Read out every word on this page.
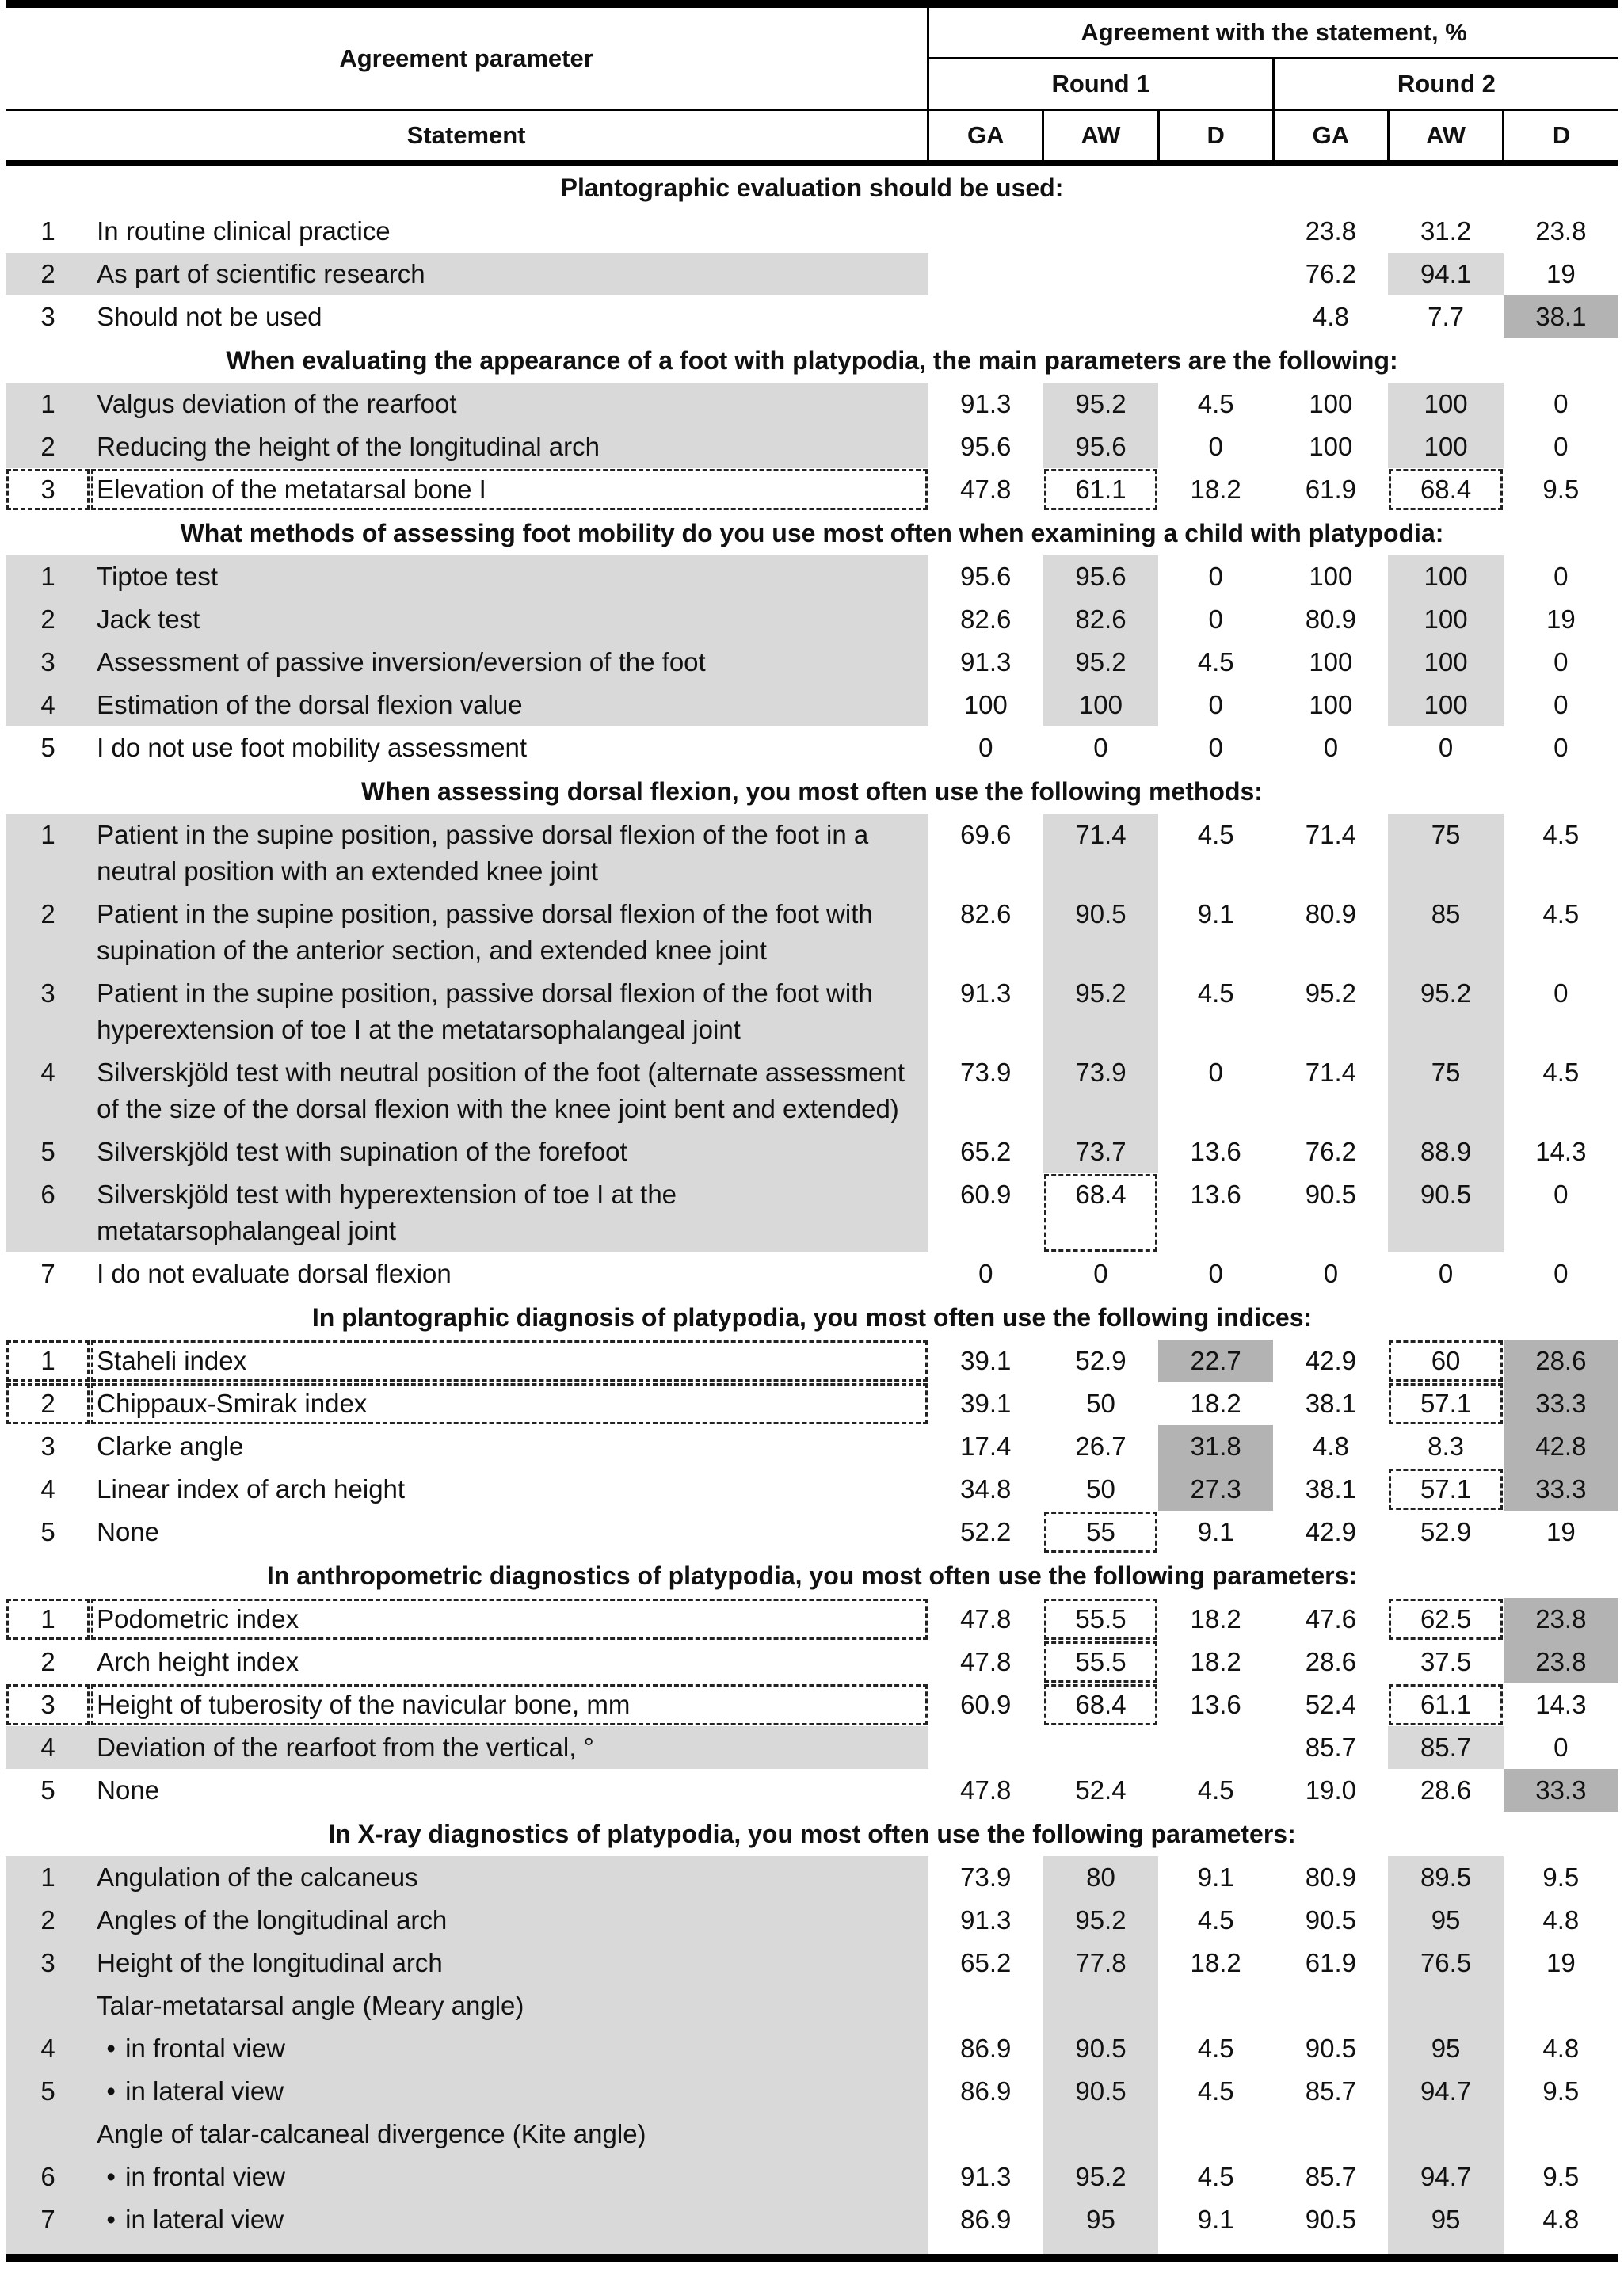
Agreement parameter		Agreement with the statement, %					
		Round 1			Round 2		
Statement		GA	AW	D	GA	AW	D
Plantographic evaluation should be used:							
1	In routine clinical practice				23.8	31.2	23.8
2	As part of scientific research				76.2	94.1	19
3	Should not be used				4.8	7.7	38.1
When evaluating the appearance of a foot with platypodia, the main parameters are the following:							
1	Valgus deviation of the rearfoot	91.3	95.2	4.5	100	100	0
2	Reducing the height of the longitudinal arch	95.6	95.6	0	100	100	0
3	Elevation of the metatarsal bone I	47.8	61.1	18.2	61.9	68.4	9.5
What methods of assessing foot mobility do you use most often when examining a child with platypodia:							
1	Tiptoe test	95.6	95.6	0	100	100	0
2	Jack test	82.6	82.6	0	80.9	100	19
3	Assessment of passive inversion/eversion of the foot	91.3	95.2	4.5	100	100	0
4	Estimation of the dorsal flexion value	100	100	0	100	100	0
5	I do not use foot mobility assessment	0	0	0	0	0	0
When assessing dorsal flexion, you most often use the following methods:							
1	Patient in the supine position, passive dorsal flexion of the foot in a neutral position with an extended knee joint	69.6	71.4	4.5	71.4	75	4.5
2	Patient in the supine position, passive dorsal flexion of the foot with supination of the anterior section, and extended knee joint	82.6	90.5	9.1	80.9	85	4.5
3	Patient in the supine position, passive dorsal flexion of the foot with hyperextension of toe I at the metatarsophalangeal joint	91.3	95.2	4.5	95.2	95.2	0
4	Silverskjöld test with neutral position of the foot (alternate assessment of the size of the dorsal flexion with the knee joint bent and extended)	73.9	73.9	0	71.4	75	4.5
5	Silverskjöld test with supination of the forefoot	65.2	73.7	13.6	76.2	88.9	14.3
6	Silverskjöld test with hyperextension of toe I at the metatarsophalangeal joint	60.9	68.4	13.6	90.5	90.5	0
7	I do not evaluate dorsal flexion	0	0	0	0	0	0
In plantographic diagnosis of platypodia, you most often use the following indices:							
1	Staheli index	39.1	52.9	22.7	42.9	60	28.6
2	Chippaux-Smirak index	39.1	50	18.2	38.1	57.1	33.3
3	Clarke angle	17.4	26.7	31.8	4.8	8.3	42.8
4	Linear index of arch height	34.8	50	27.3	38.1	57.1	33.3
5	None	52.2	55	9.1	42.9	52.9	19
In anthropometric diagnostics of platypodia, you most often use the following parameters:							
1	Podometric index	47.8	55.5	18.2	47.6	62.5	23.8
2	Arch height index	47.8	55.5	18.2	28.6	37.5	23.8
3	Height of tuberosity of the navicular bone, mm	60.9	68.4	13.6	52.4	61.1	14.3
4	Deviation of the rearfoot from the vertical, °				85.7	85.7	0
5	None	47.8	52.4	4.5	19.0	28.6	33.3
In X-ray diagnostics of platypodia, you most often use the following parameters:							
1	Angulation of the calcaneus	73.9	80	9.1	80.9	89.5	9.5
2	Angles of the longitudinal arch	91.3	95.2	4.5	90.5	95	4.8
3	Height of the longitudinal arch	65.2	77.8	18.2	61.9	76.5	19
	Talar-metatarsal angle (Meary angle)						
4	• in frontal view	86.9	90.5	4.5	90.5	95	4.8
5	• in lateral view	86.9	90.5	4.5	85.7	94.7	9.5
	Angle of talar-calcaneal divergence (Kite angle)						
6	• in frontal view	91.3	95.2	4.5	85.7	94.7	9.5
7	• in lateral view	86.9	95	9.1	90.5	95	4.8
